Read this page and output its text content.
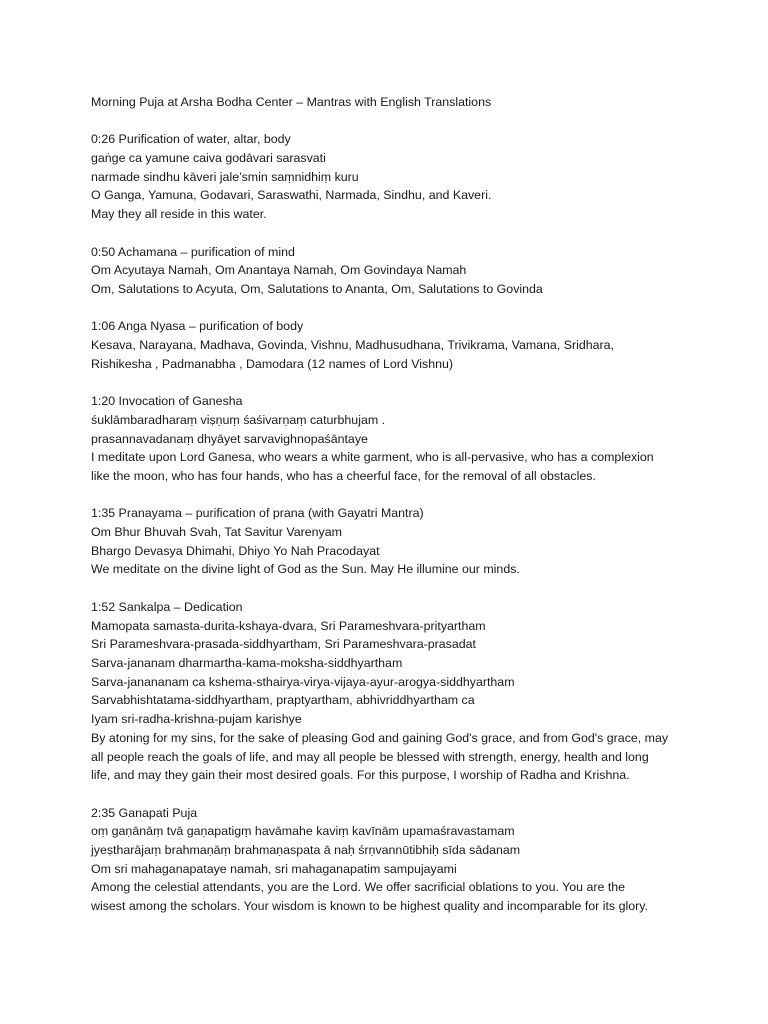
Morning Puja at Arsha Bodha Center – Mantras with English Translations
0:26 Purification of water, altar, body
gaṅge ca yamune caiva godāvari sarasvati
narmade sindhu kāveri jale’smin saṃnidhiṃ kuru
O Ganga, Yamuna, Godavari, Saraswathi, Narmada, Sindhu, and Kaveri.
May they all reside in this water.
0:50 Achamana – purification of mind
Om Acyutaya Namah, Om Anantaya Namah, Om Govindaya Namah
Om, Salutations to Acyuta, Om, Salutations to Ananta, Om, Salutations to Govinda
1:06 Anga Nyasa – purification of body
Kesava, Narayana, Madhava, Govinda, Vishnu, Madhusudhana, Trivikrama, Vamana, Sridhara,
Rishikesha , Padmanabha , Damodara (12 names of Lord Vishnu)
1:20 Invocation of Ganesha
śuklāmbaradharaṃ viṣṇuṃ śaśivarṇaṃ caturbhujam .
prasannavadanaṃ dhyāyet sarvavighnopaśāntaye
I meditate upon Lord Ganesa, who wears a white garment, who is all-pervasive, who has a complexion
like the moon, who has four hands, who has a cheerful face, for the removal of all obstacles.
1:35 Pranayama – purification of prana (with Gayatri Mantra)
Om Bhur Bhuvah Svah, Tat Savitur Varenyam
Bhargo Devasya Dhimahi, Dhiyo Yo Nah Pracodayat
We meditate on the divine light of God as the Sun. May He illumine our minds.
1:52 Sankalpa – Dedication
Mamopata samasta-durita-kshaya-dvara, Sri Parameshvara-prityartham
Sri Parameshvara-prasada-siddhyartham, Sri Parameshvara-prasadat
Sarva-jananam dharmartha-kama-moksha-siddhyartham
Sarva-janananam ca kshema-sthairya-virya-vijaya-ayur-arogya-siddhyartham
Sarvabhishtatama-siddhyartham, praptyartham, abhivriddhyartham ca
Iyam sri-radha-krishna-pujam karishye
By atoning for my sins, for the sake of pleasing God and gaining God's grace, and from God's grace, may
all people reach the goals of life, and may all people be blessed with strength, energy, health and long
life, and may they gain their most desired goals. For this purpose, I worship of Radha and Krishna.
2:35 Ganapati Puja
oṃ gaṇānāṃ tvā gaṇapatigṃ havāmahe kaviṃ kavīnām upamaśravastamam
jyeṣtharājaṃ brahmaṇāṃ brahmaṇaspata ā naḥ śrṇvannūtibhiḥ sīda sādanam
Om sri mahaganapataye namah, sri mahaganapatim sampujayami
Among the celestial attendants, you are the Lord. We offer sacrificial oblations to you. You are the
wisest among the scholars. Your wisdom is known to be highest quality and incomparable for its glory.
